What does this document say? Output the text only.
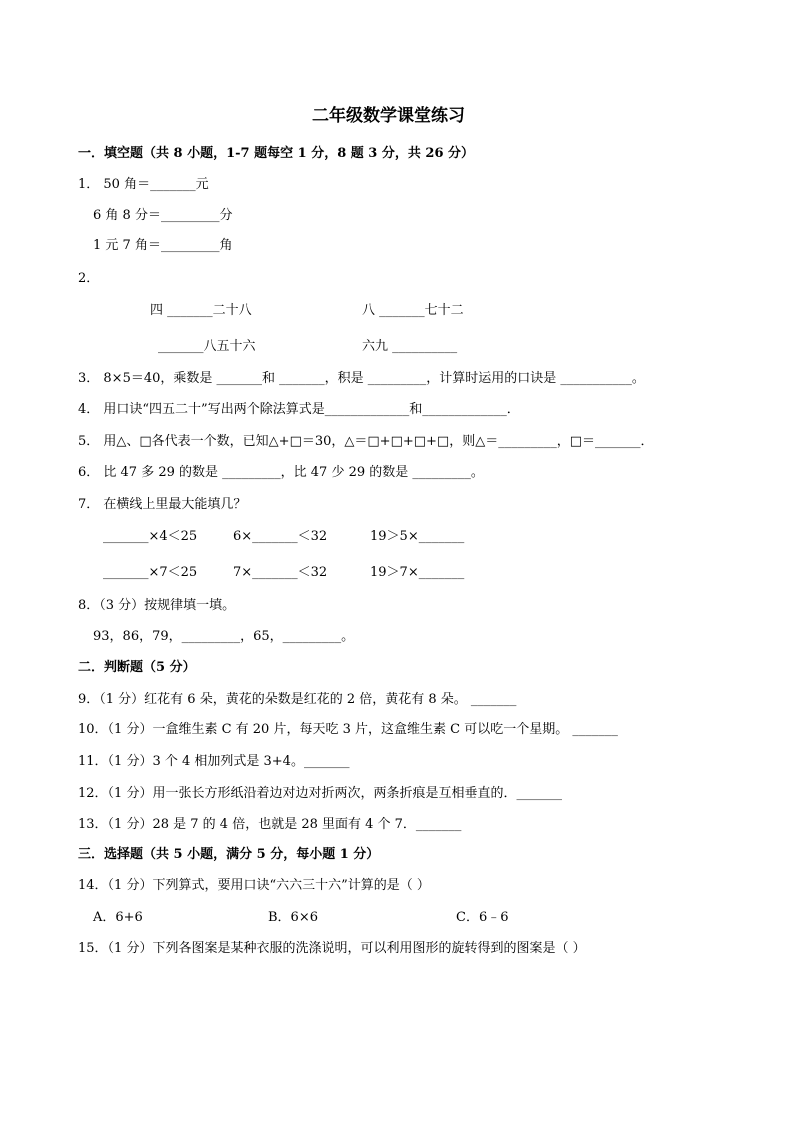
二年级数学课堂练习
一．填空题（共 8 小题，1-7 题每空 1 分，8 题 3 分，共 26 分）
1． 50 角＝_______元
6 角 8 分＝_________分
1 元 7 角＝_________角
2．
四 _______二十八	八 _______七十二
_______八五十六	六九 __________
3． 8×5＝40，乘数是 _______和 _______，积是 _________，计算时运用的口诀是 ___________。
4． 用口诀“四五二十”写出两个除法算式是_____________和_____________．
5． 用△、□各代表一个数，已知△+□＝30，△＝□+□+□+□，则△＝_________，□＝_______．
6． 比 47 多 29 的数是 _________，比 47 少 29 的数是 _________。
7． 在横线上里最大能填几？
_______×4＜25	6×_______＜32	19＞5×_______
_______×7＜25	7×_______＜32	19＞7×_______
8．（3 分）按规律填一填。
93，86，79，_________，65，_________。
二．判断题（5 分）
9．（1 分）红花有 6 朵，黄花的朵数是红花的 2 倍，黄花有 8 朵。 _______
10．（1 分）一盒维生素 C 有 20 片，每天吃 3 片，这盒维生素 C 可以吃一个星期。 _______
11．（1 分）3 个 4 相加列式是 3+4。_______
12．（1 分）用一张长方形纸沿着边对边对折两次，两条折痕是互相垂直的．_______
13．（1 分）28 是 7 的 4 倍，也就是 28 里面有 4 个 7．_______
三．选择题（共 5 小题，满分 5 分，每小题 1 分）
14．（1 分）下列算式，要用口诀“六六三十六”计算的是（ ）
A．6+6	B．6×6	C．6﹣6
15．（1 分）下列各图案是某种衣服的洗涤说明，可以利用图形的旋转得到的图案是（ ）
